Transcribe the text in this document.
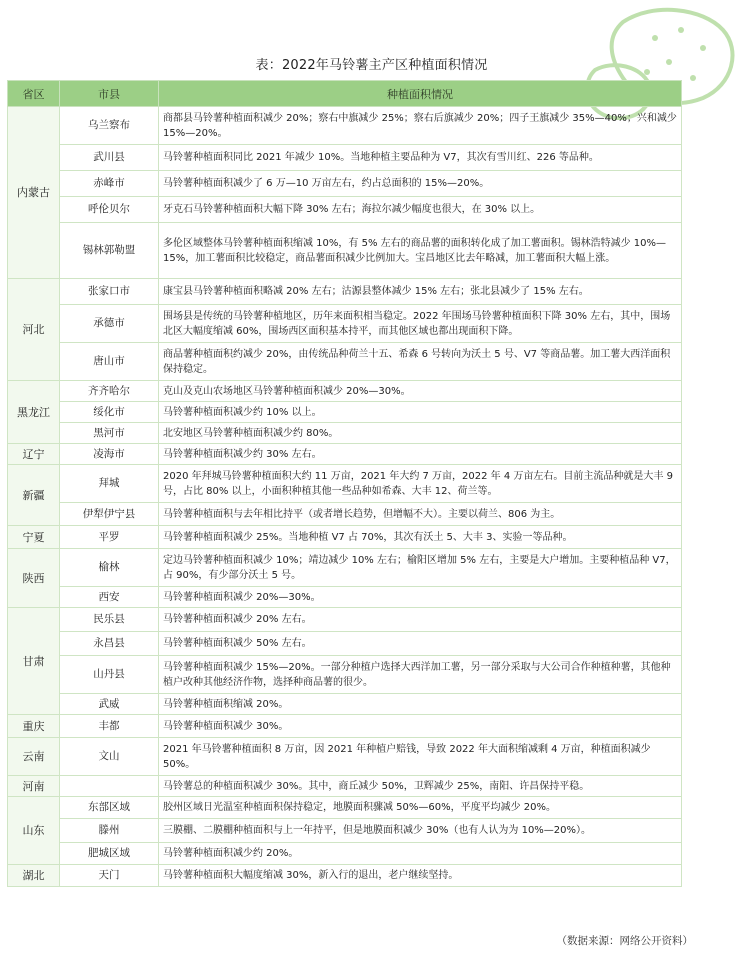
表：2022年马铃薯主产区种植面积情况
省区	市县	种植面积情况
内蒙古	乌兰察布	商都县马铃薯种植面积减少 20%；察右中旗减少 25%；察右后旗减少 20%；四子王旗减少 35%—40%；兴和减少 15%—20%。
	武川县	马铃薯种植面积同比 2021 年减少 10%。当地种植主要品种为 V7，其次有雪川红、226 等品种。
	赤峰市	马铃薯种植面积减少了 6 万—10 万亩左右，约占总面积的 15%—20%。
	呼伦贝尔	牙克石马铃薯种植面积大幅下降 30% 左右；海拉尔减少幅度也很大，在 30% 以上。
	锡林郭勒盟	多伦区域整体马铃薯种植面积缩减 10%，有 5% 左右的商品薯的面积转化成了加工薯面积。锡林浩特减少 10%—15%，加工薯面积比较稳定，商品薯面积减少比例加大。宝昌地区比去年略减，加工薯面积大幅上涨。
河北	张家口市	康宝县马铃薯种植面积略减 20% 左右；沽源县整体减少 15% 左右；张北县减少了 15% 左右。
	承德市	围场县是传统的马铃薯种植地区，历年来面积相当稳定。2022 年围场马铃薯种植面积下降 30% 左右，其中，围场北区大幅度缩减 60%，围场西区面积基本持平，而其他区域也都出现面积下降。
	唐山市	商品薯种植面积约减少 20%，由传统品种荷兰十五、希森 6 号转向为沃土 5 号、V7 等商品薯。加工薯大西洋面积保持稳定。
黑龙江	齐齐哈尔	克山及克山农场地区马铃薯种植面积减少 20%—30%。
	绥化市	马铃薯种植面积减少约 10% 以上。
	黑河市	北安地区马铃薯种植面积减少约 80%。
辽宁	凌海市	马铃薯种植面积减少约 30% 左右。
新疆	拜城	2020 年拜城马铃薯种植面积大约 11 万亩，2021 年大约 7 万亩，2022 年 4 万亩左右。目前主流品种就是大丰 9 号，占比 80% 以上，小面积种植其他一些品种如希森、大丰 12、荷兰等。
	伊犁伊宁县	马铃薯种植面积与去年相比持平（或者增长趋势，但增幅不大）。主要以荷兰、806 为主。
宁夏	平罗	马铃薯种植面积减少 25%。当地种植 V7 占 70%，其次有沃土 5、大丰 3、实验一等品种。
陕西	榆林	定边马铃薯种植面积减少 10%；靖边减少 10% 左右；榆阳区增加 5% 左右，主要是大户增加。主要种植品种 V7，占 90%，有少部分沃土 5 号。
	西安	马铃薯种植面积减少 20%—30%。
甘肃	民乐县	马铃薯种植面积减少 20% 左右。
	永昌县	马铃薯种植面积减少 50% 左右。
	山丹县	马铃薯种植面积减少 15%—20%。一部分种植户选择大西洋加工薯，另一部分采取与大公司合作种植种薯，其他种植户改种其他经济作物，选择种商品薯的很少。
	武威	马铃薯种植面积缩减 20%。
重庆	丰都	马铃薯种植面积减少 30%。
云南	文山	2021 年马铃薯种植面积 8 万亩，因 2021 年种植户赔钱，导致 2022 年大面积缩减剩 4 万亩，种植面积减少 50%。
河南		马铃薯总的种植面积减少 30%。其中，商丘减少 50%，卫辉减少 25%，南阳、许昌保持平稳。
山东	东部区域	胶州区域日光温室种植面积保持稳定，地膜面积骤减 50%—60%，平度平均减少 20%。
	滕州	三膜棚、二膜棚种植面积与上一年持平，但是地膜面积减少 30%（也有人认为为 10%—20%）。
	肥城区域	马铃薯种植面积减少约 20%。
湖北	天门	马铃薯种植面积大幅度缩减 30%，新入行的退出，老户继续坚持。
（数据来源：网络公开资料）
